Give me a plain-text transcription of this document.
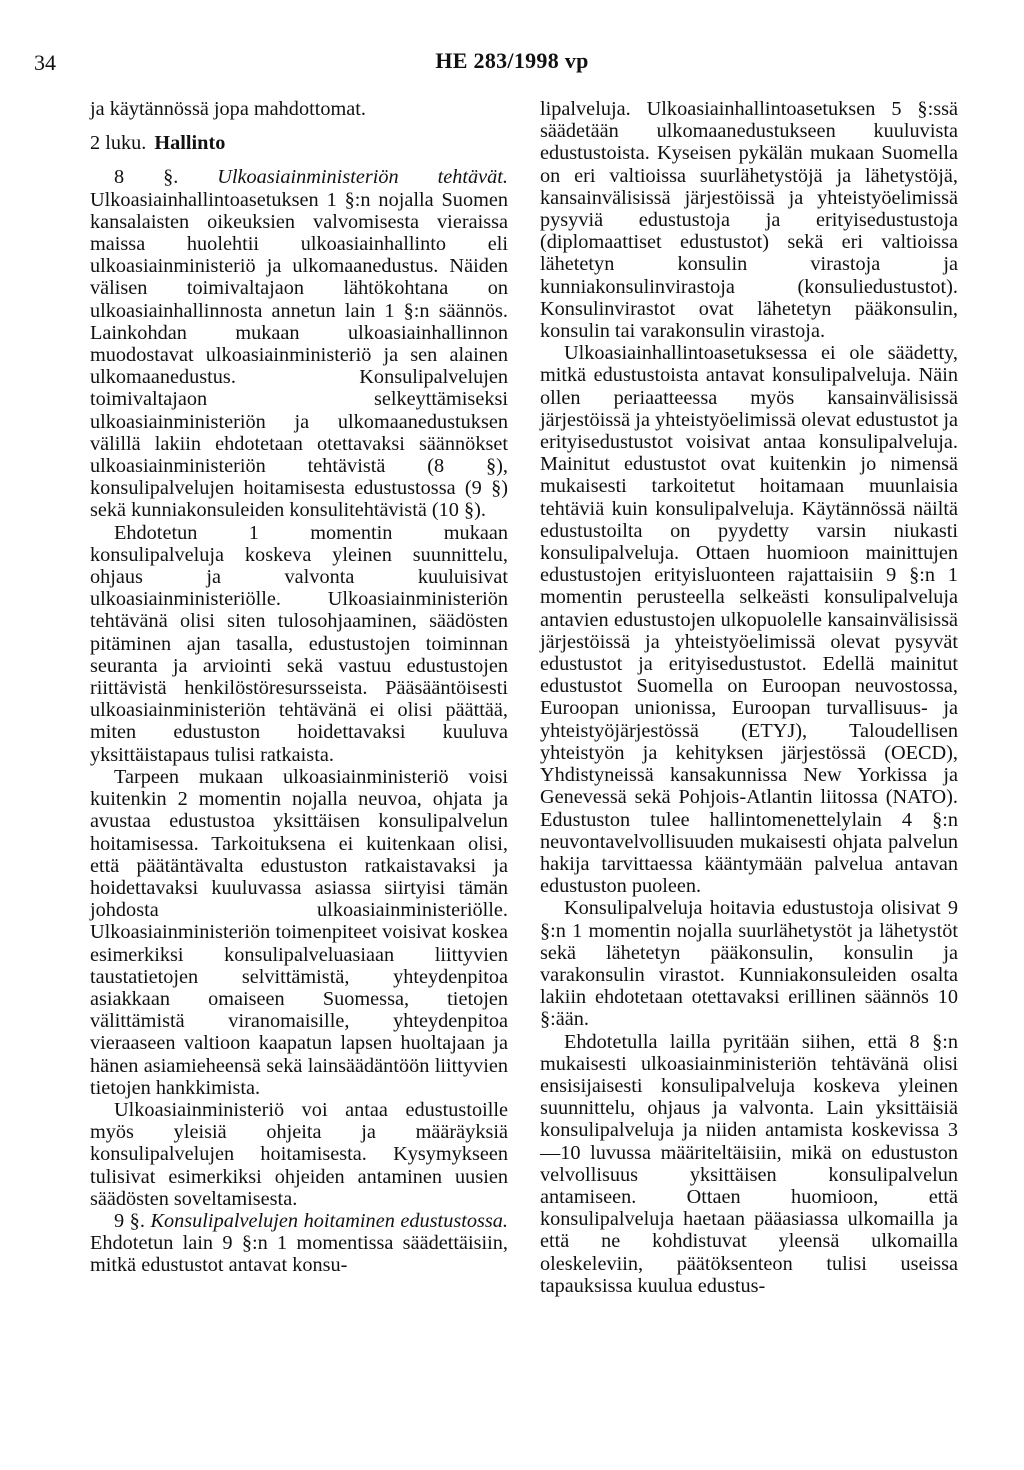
34	HE 283/1998 vp

ja käytännössä jopa mahdottomat.

2 luku. Hallinto

8 §. Ulkoasiainministeriön tehtävät. Ulkoasiainhallintoasetuksen 1 §:n nojalla Suomen kansalaisten oikeuksien valvomisesta vieraissa maissa huolehtii ulkoasiainhallinto eli ulkoasiainministeriö ja ulkomaanedustus. Näiden välisen toimivaltajaon lähtökohtana on ulkoasiainhallinnosta annetun lain 1 §:n säännös. Lainkohdan mukaan ulkoasiainhallinnon muodostavat ulkoasiainministeriö ja sen alainen ulkomaanedustus. Konsulipalvelujen toimivaltajaon selkeyttämiseksi ulkoasiainministeriön ja ulkomaanedustuksen välillä lakiin ehdotetaan otettavaksi säännökset ulkoasiainministeriön tehtävistä (8 §), konsulipalvelujen hoitamisesta edustustossa (9 §) sekä kunniakonsuleiden konsulitehtävistä (10 §).

Ehdotetun 1 momentin mukaan konsulipalveluja koskeva yleinen suunnittelu, ohjaus ja valvonta kuuluisivat ulkoasiainministeriölle. Ulkoasiainministeriön tehtävänä olisi siten tulosohjaaminen, säädösten pitäminen ajan tasalla, edustustojen toiminnan seuranta ja arviointi sekä vastuu edustustojen riittävistä henkilöstöresursseista. Pääsääntöisesti ulkoasiainministeriön tehtävänä ei olisi päättää, miten edustuston hoidettavaksi kuuluva yksittäistapaus tulisi ratkaista.

Tarpeen mukaan ulkoasiainministeriö voisi kuitenkin 2 momentin nojalla neuvoa, ohjata ja avustaa edustustoa yksittäisen konsulipalvelun hoitamisessa. Tarkoituksena ei kuitenkaan olisi, että päätäntävalta edustuston ratkaistavaksi ja hoidettavaksi kuuluvassa asiassa siirtyisi tämän johdosta ulkoasiainministeriölle. Ulkoasiainministeriön toimenpiteet voisivat koskea esimerkiksi konsulipalveluasiaan liittyvien taustatietojen selvittämistä, yhteydenpitoa asiakkaan omaiseen Suomessa, tietojen välittämistä viranomaisille, yhteydenpitoa vieraaseen valtioon kaapatun lapsen huoltajaan ja hänen asiamieheensä sekä lainsäädäntöön liittyvien tietojen hankkimista.

Ulkoasiainministeriö voi antaa edustustoille myös yleisiä ohjeita ja määräyksiä konsulipalvelujen hoitamisesta. Kysymykseen tulisivat esimerkiksi ohjeiden antaminen uusien säädösten soveltamisesta.

9 §. Konsulipalvelujen hoitaminen edustustossa. Ehdotetun lain 9 §:n 1 momentissa säädettäisiin, mitkä edustustot antavat konsu-

lipalveluja. Ulkoasiainhallintoasetuksen 5 §:ssä säädetään ulkomaanedustukseen kuuluvista edustustoista. Kyseisen pykälän mukaan Suomella on eri valtioissa suurlähetystöjä ja lähetystöjä, kansainvälisissä järjestöissä ja yhteistyöelimissä pysyviä edustustoja ja erityisedustustoja (diplomaattiset edustustot) sekä eri valtioissa lähetetyn konsulin virastoja ja kunniakonsulinvirastoja (konsuliedustustot). Konsulinvirastot ovat lähetetyn pääkonsulin, konsulin tai varakonsulin virastoja.

Ulkoasiainhallintoasetuksessa ei ole säädetty, mitkä edustustoista antavat konsulipalveluja. Näin ollen periaatteessa myös kansainvälisissä järjestöissä ja yhteistyöelimissä olevat edustustot ja erityisedustustot voisivat antaa konsulipalveluja. Mainitut edustustot ovat kuitenkin jo nimensä mukaisesti tarkoitetut hoitamaan muunlaisia tehtäviä kuin konsulipalveluja. Käytännössä näiltä edustustoilta on pyydetty varsin niukasti konsulipalveluja. Ottaen huomioon mainittujen edustustojen erityisluonteen rajattaisiin 9 §:n 1 momentin perusteella selkeästi konsulipalveluja antavien edustustojen ulkopuolelle kansainvälisissä järjestöissä ja yhteistyöelimissä olevat pysyvät edustustot ja erityisedustustot. Edellä mainitut edustustot Suomella on Euroopan neuvostossa, Euroopan unionissa, Euroopan turvallisuus- ja yhteistyöjärjestössä (ETYJ), Taloudellisen yhteistyön ja kehityksen järjestössä (OECD), Yhdistyneissä kansakunnissa New Yorkissa ja Genevessä sekä Pohjois-Atlantin liitossa (NATO). Edustuston tulee hallintomenettelylain 4 §:n neuvontavelvollisuuden mukaisesti ohjata palvelun hakija tarvittaessa kääntymään palvelua antavan edustuston puoleen.

Konsulipalveluja hoitavia edustustoja olisivat 9 §:n 1 momentin nojalla suurlähetystöt ja lähetystöt sekä lähetetyn pääkonsulin, konsulin ja varakonsulin virastot. Kunniakonsuleiden osalta lakiin ehdotetaan otettavaksi erillinen säännös 10 §:ään.

Ehdotetulla lailla pyritään siihen, että 8 §:n mukaisesti ulkoasiainministeriön tehtävänä olisi ensisijaisesti konsulipalveluja koskeva yleinen suunnittelu, ohjaus ja valvonta. Lain yksittäisiä konsulipalveluja ja niiden antamista koskevissa 3—10 luvussa määriteltäisiin, mikä on edustuston velvollisuus yksittäisen konsulipalvelun antamiseen. Ottaen huomioon, että konsulipalveluja haetaan pääasiassa ulkomailla ja että ne kohdistuvat yleensä ulkomailla oleskeleviin, päätöksenteon tulisi useissa tapauksissa kuulua edustus-
